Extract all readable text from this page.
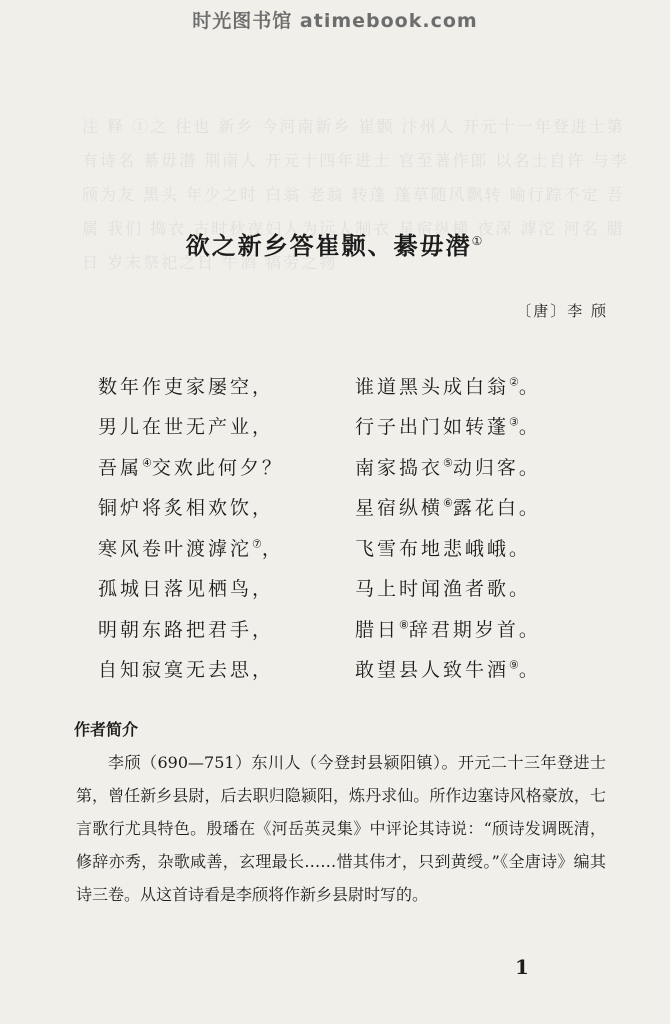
时光图书馆 atimebook.com
注 释 ①之 往也 新乡 今河南新乡 崔颢 汴州人 开元十一年登进士第 有诗名 綦毋潜 荆南人 开元十四年进士 官至著作郎 以名士自许 与李颀为友 黑头 年少之时 白翁 老翁 转蓬 蓬草随风飘转 喻行踪不定 吾属 我们 捣衣 古时秋夜妇人为远人制衣 星宿纵横 夜深 滹沱 河名 腊日 岁末祭祀之日 牛酒 犒劳之物
欲之新乡答崔颢、綦毋潜①
〔唐〕李 颀
数年作吏家屡空，	谁道黑头成白翁②。
男儿在世无产业，	行子出门如转蓬③。
吾属④交欢此何夕？	南家捣衣⑤动归客。
铜炉将炙相欢饮，	星宿纵横⑥露花白。
寒风卷叶渡滹沱⑦，	飞雪布地悲峨峨。
孤城日落见栖鸟，	马上时闻渔者歌。
明朝东路把君手，	腊日⑧辞君期岁首。
自知寂寞无去思，	敢望县人致牛酒⑨。
作者简介

李颀（690—751）东川人（今登封县颍阳镇）。开元二十三年登进士第，曾任新乡县尉，后去职归隐颍阳，炼丹求仙。所作边塞诗风格豪放，七言歌行尤具特色。殷璠在《河岳英灵集》中评论其诗说：“颀诗发调既清，修辞亦秀，杂歌咸善，玄理最长……惜其伟才，只到黄绶。”《全唐诗》编其诗三卷。从这首诗看是李颀将作新乡县尉时写的。

1
